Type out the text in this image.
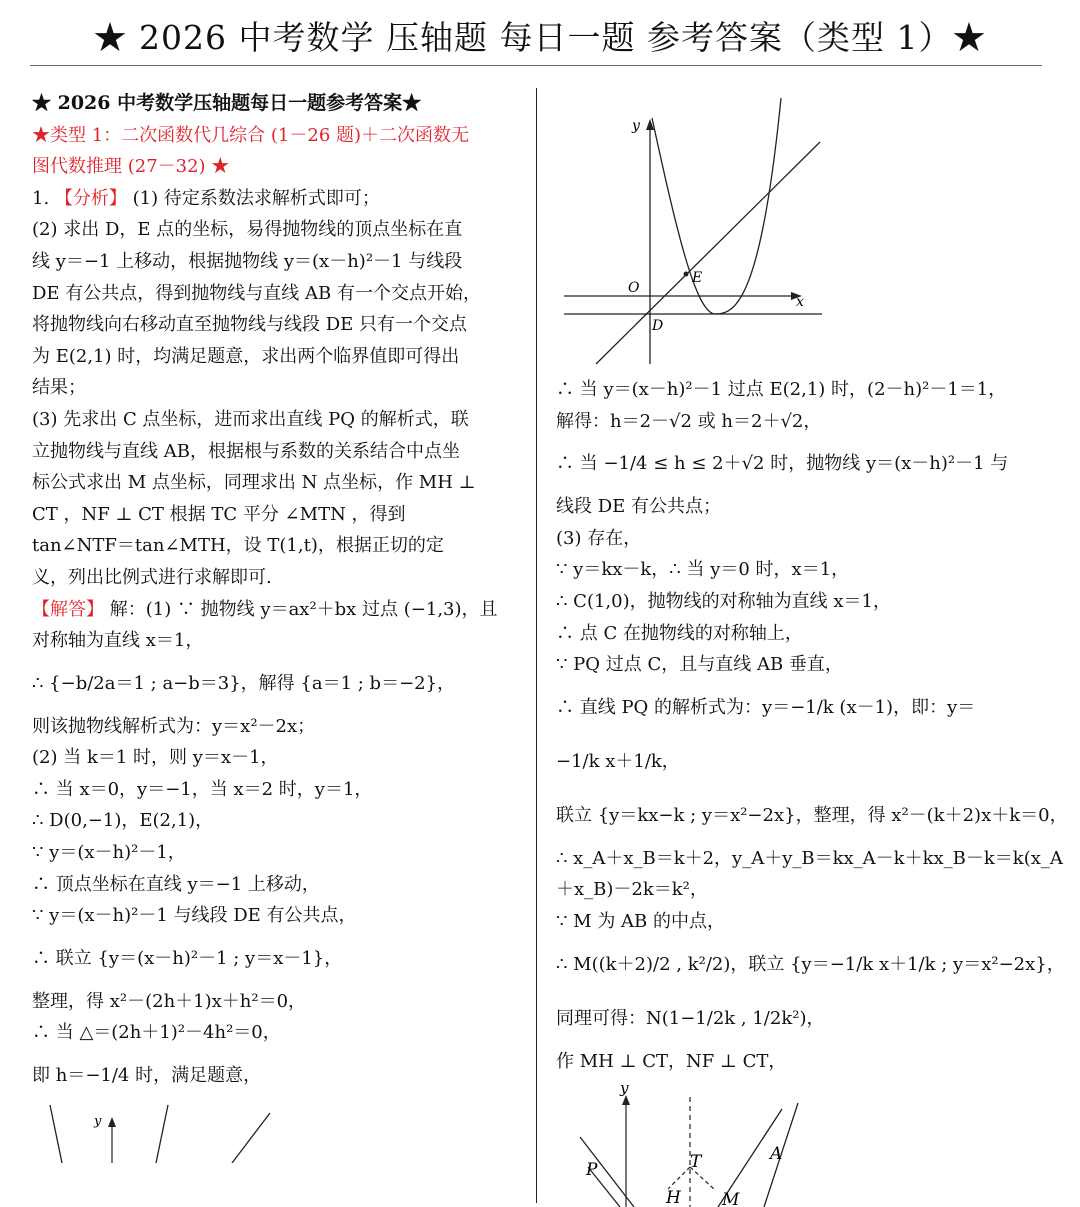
★ 2026 中考数学 压轴题 每日一题 参考答案（类型 1）★

★ 2026 中考数学压轴题每日一题参考答案★

★类型 1：二次函数代几综合 (1－26 题)＋二次函数无

图代数推理 (27－32) ★

1. 【分析】 (1) 待定系数法求解析式即可；

(2) 求出 D，E 点的坐标，易得抛物线的顶点坐标在直

线 y＝−1 上移动，根据抛物线 y＝(x－h)²－1 与线段

DE 有公共点，得到抛物线与直线 AB 有一个交点开始，

将抛物线向右移动直至抛物线与线段 DE 只有一个交点

为 E(2,1) 时，均满足题意，求出两个临界值即可得出

结果；

(3) 先求出 C 点坐标，进而求出直线 PQ 的解析式，联

立抛物线与直线 AB，根据根与系数的关系结合中点坐

标公式求出 M 点坐标，同理求出 N 点坐标，作 MH ⊥

CT ，NF ⊥ CT 根据 TC 平分 ∠MTN ，得到

tan∠NTF＝tan∠MTH，设 T(1,t)，根据正切的定

义，列出比例式进行求解即可.

【解答】 解：(1) ∵ 抛物线 y＝ax²＋bx 过点 (−1,3)，且

对称轴为直线 x＝1，

∴ {−b/2a＝1 ; a−b＝3}，解得 {a＝1 ; b＝−2}，

则该抛物线解析式为：y＝x²－2x；

(2) 当 k＝1 时，则 y＝x－1，

∴ 当 x＝0，y＝−1，当 x＝2 时，y＝1，

∴ D(0,−1)，E(2,1)，

∵ y＝(x－h)²－1，

∴ 顶点坐标在直线 y＝−1 上移动，

∵ y＝(x－h)²－1 与线段 DE 有公共点，

∴ 联立 {y＝(x－h)²－1 ; y＝x－1}，

整理，得 x²－(2h＋1)x＋h²＝0，

∴ 当 △＝(2h＋1)²－4h²＝0，

即 h＝−1/4 时，满足题意，

y
y
x
O
E
D

∴ 当 y＝(x－h)²－1 过点 E(2,1) 时，(2－h)²－1＝1，

解得：h＝2－√2 或 h＝2＋√2，

∴ 当 −1/4 ≤ h ≤ 2＋√2 时，抛物线 y＝(x－h)²－1 与

线段 DE 有公共点；

(3) 存在，

∵ y＝kx－k，∴ 当 y＝0 时，x＝1，

∴ C(1,0)，抛物线的对称轴为直线 x＝1，

∴ 点 C 在抛物线的对称轴上，

∵ PQ 过点 C，且与直线 AB 垂直，

∴ 直线 PQ 的解析式为：y＝−1/k (x－1)，即：y＝

−1/k x＋1/k，

联立 {y＝kx−k ; y＝x²−2x}，整理，得 x²－(k＋2)x＋k＝0，

∴ x_A＋x_B＝k＋2，y_A＋y_B＝kx_A－k＋kx_B－k＝k(x_A

＋x_B)－2k＝k²，

∵ M 为 AB 的中点，

∴ M((k＋2)/2 , k²/2)，联立 {y＝−1/k x＋1/k ; y＝x²−2x}，

同理可得：N(1−1/2k , 1/2k²)，

作 MH ⊥ CT，NF ⊥ CT，

y
P	T	A
H M
